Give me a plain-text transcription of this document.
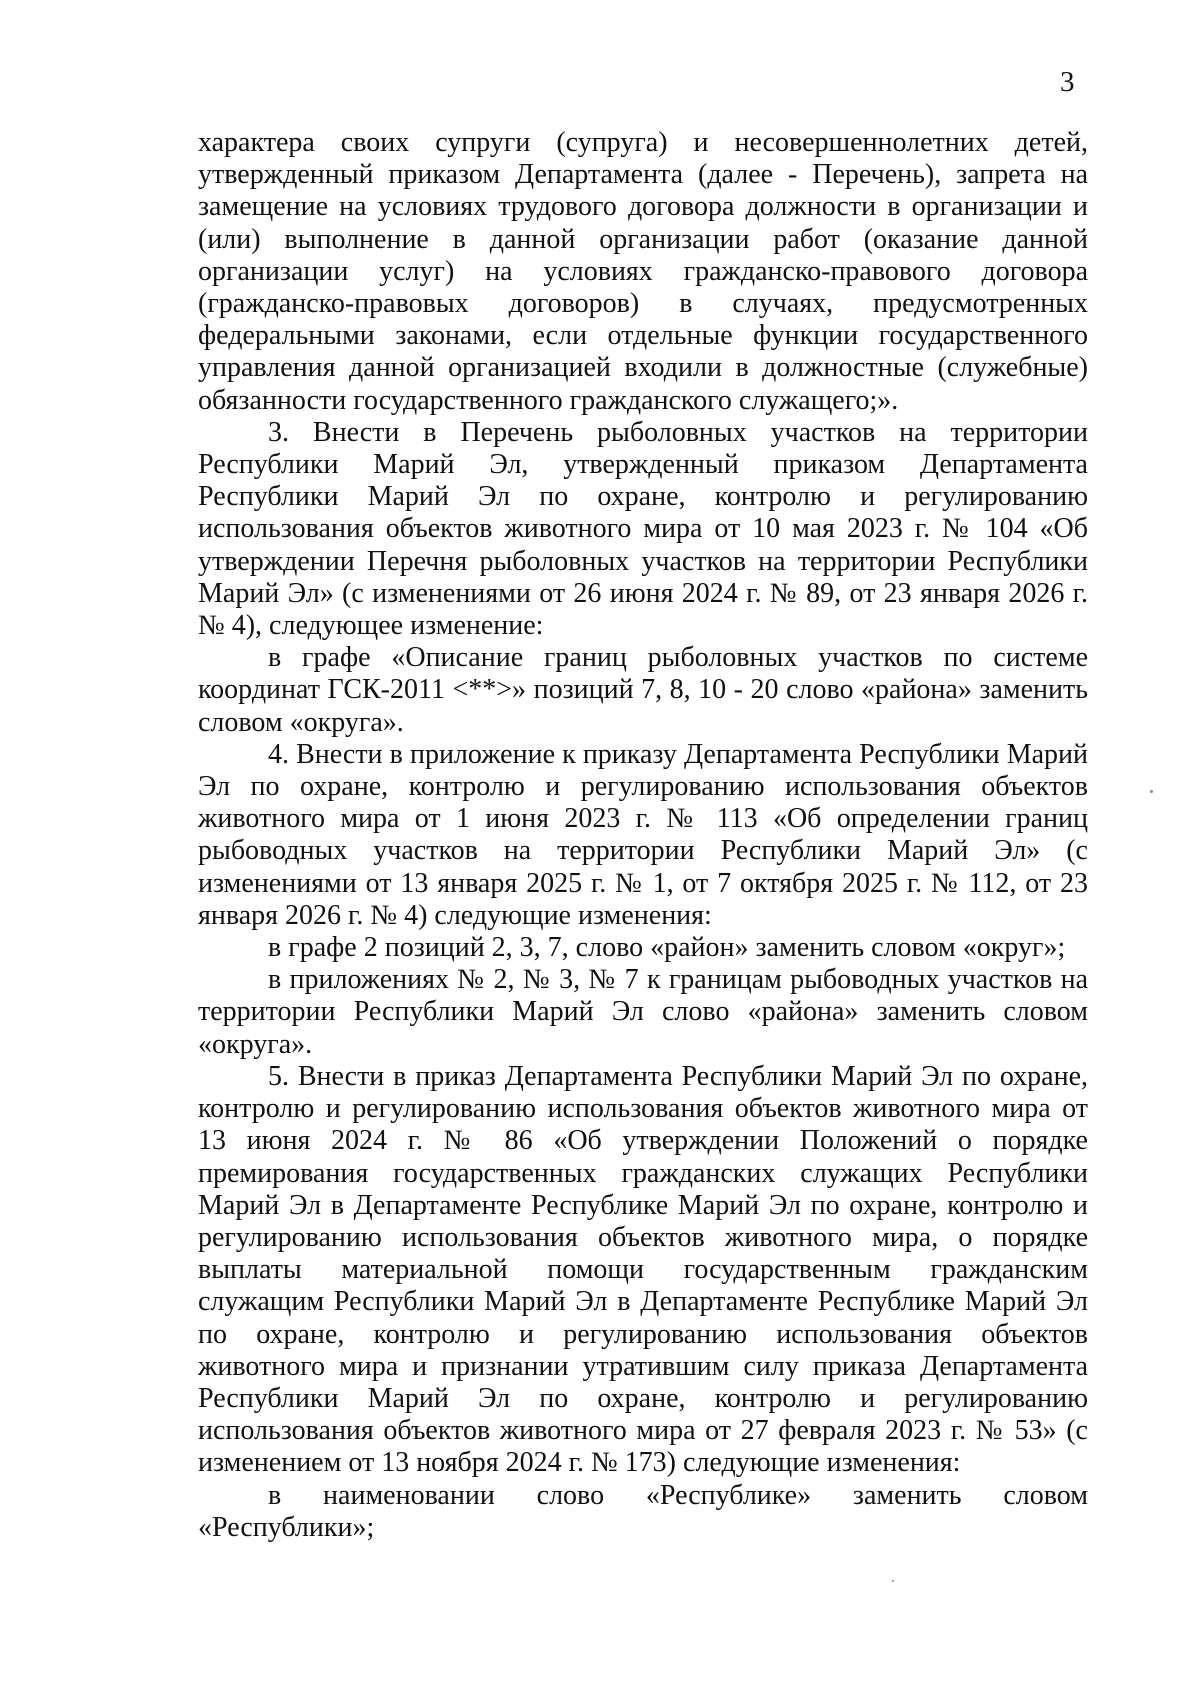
3

характера своих супруги (супруга) и несовершеннолетних детей, утвержденный приказом Департамента (далее - Перечень), запрета на замещение на условиях трудового договора должности в организации и (или) выполнение в данной организации работ (оказание данной организации услуг) на условиях гражданско-правового договора (гражданско-правовых договоров) в случаях, предусмотренных федеральными законами, если отдельные функции государственного управления данной организацией входили в должностные (служебные) обязанности государственного гражданского служащего;».

3. Внести в Перечень рыболовных участков на территории Республики Марий Эл, утвержденный приказом Департамента Республики Марий Эл по охране, контролю и регулированию использования объектов животного мира от 10 мая 2023 г. № 104 «Об утверждении Перечня рыболовных участков на территории Республики Марий Эл» (с изменениями от 26 июня 2024 г. № 89, от 23 января 2026 г. № 4), следующее изменение:

в графе «Описание границ рыболовных участков по системе координат ГСК-2011 <**>» позиций 7, 8, 10 - 20 слово «района» заменить словом «округа».

4. Внести в приложение к приказу Департамента Республики Марий Эл по охране, контролю и регулированию использования объектов животного мира от 1 июня 2023 г. № 113 «Об определении границ рыбоводных участков на территории Республики Марий Эл» (с изменениями от 13 января 2025 г. № 1, от 7 октября 2025 г. № 112, от 23 января 2026 г. № 4) следующие изменения:

в графе 2 позиций 2, 3, 7, слово «район» заменить словом «округ»;

в приложениях № 2, № 3, № 7 к границам рыбоводных участков на территории Республики Марий Эл слово «района» заменить словом «округа».

5. Внести в приказ Департамента Республики Марий Эл по охране, контролю и регулированию использования объектов животного мира от 13 июня 2024 г. № 86 «Об утверждении Положений о порядке премирования государственных гражданских служащих Республики Марий Эл в Департаменте Республике Марий Эл по охране, контролю и регулированию использования объектов животного мира, о порядке выплаты материальной помощи государственным гражданским служащим Республики Марий Эл в Департаменте Республике Марий Эл по охране, контролю и регулированию использования объектов животного мира и признании утратившим силу приказа Департамента Республики Марий Эл по охране, контролю и регулированию использования объектов животного мира от 27 февраля 2023 г. № 53» (с изменением от 13 ноября 2024 г. № 173) следующие изменения:

в наименовании слово «Республике» заменить словом «Республики»;
